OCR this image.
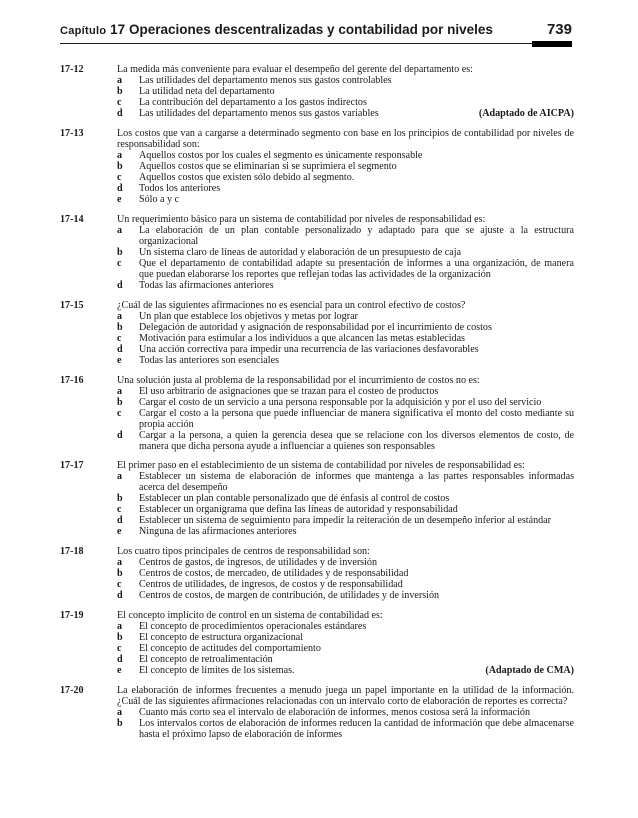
Capítulo 17 Operaciones descentralizadas y contabilidad por niveles	739
17-12	La medida más conveniente para evaluar el desempeño del gerente del departamento es:
a	Las utilidades del departamento menos sus gastos controlables
b	La utilidad neta del departamento
c	La contribución del departamento a los gastos indirectos
d	Las utilidades del departamento menos sus gastos variables	(Adaptado de AICPA)
17-13	Los costos que van a cargarse a determinado segmento con base en los principios de contabilidad por niveles de responsabilidad son:
a	Aquellos costos por los cuales el segmento es únicamente responsable
b	Aquellos costos que se eliminarían si se suprimiera el segmento
c	Aquellos costos que existen sólo debido al segmento.
d	Todos los anteriores
e	Sólo a y c
17-14	Un requerimiento básico para un sistema de contabilidad por niveles de responsabilidad es:
a	La elaboración de un plan contable personalizado y adaptado para que se ajuste a la estructura organizacional
b	Un sistema claro de líneas de autoridad y elaboración de un presupuesto de caja
c	Que el departamento de contabilidad adapte su presentación de informes a una organización, de manera que puedan elaborarse los reportes que reflejan todas las actividades de la organización
d	Todas las afirmaciones anteriores
17-15	¿Cuál de las siguientes afirmaciones no es esencial para un control efectivo de costos?
a	Un plan que establece los objetivos y metas por lograr
b	Delegación de autoridad y asignación de responsabilidad por el incurrimiento de costos
c	Motivación para estimular a los individuos a que alcancen las metas establecidas
d	Una acción correctiva para impedir una recurrencia de las variaciones desfavorables
e	Todas las anteriores son esenciales
17-16	Una solución justa al problema de la responsabilidad por el incurrimiento de costos no es:
a	El uso arbitrario de asignaciones que se trazan para el costeo de productos
b	Cargar el costo de un servicio a una persona responsable por la adquisición y por el uso del servicio
c	Cargar el costo a la persona que puede influenciar de manera significativa el monto del costo mediante su propia acción
d	Cargar a la persona, a quien la gerencia desea que se relacione con los diversos elementos de costo, de manera que dicha persona ayude a influenciar a quienes son responsables
17-17	El primer paso en el establecimiento de un sistema de contabilidad por niveles de responsabilidad es:
a	Establecer un sistema de elaboración de informes que mantenga a las partes responsables informadas acerca del desempeño
b	Establecer un plan contable personalizado que dé énfasis al control de costos
c	Establecer un organigrama que defina las líneas de autoridad y responsabilidad
d	Establecer un sistema de seguimiento para impedir la reiteración de un desempeño inferior al estándar
e	Ninguna de las afirmaciones anteriores
17-18	Los cuatro tipos principales de centros de responsabilidad son:
a	Centros de gastos, de ingresos, de utilidades y de inversión
b	Centros de costos, de mercadeo, de utilidades y de responsabilidad
c	Centros de utilidades, de ingresos, de costos y de responsabilidad
d	Centros de costos, de margen de contribución, de utilidades y de inversión
17-19	El concepto implícito de control en un sistema de contabilidad es:
a	El concepto de procedimientos operacionales estándares
b	El concepto de estructura organizacional
c	El concepto de actitudes del comportamiento
d	El concepto de retroalimentación
e	El concepto de límites de los sistemas.	(Adaptado de CMA)
17-20	La elaboración de informes frecuentes a menudo juega un papel importante en la utilidad de la información. ¿Cuál de las siguientes afirmaciones relacionadas con un intervalo corto de elaboración de reportes es correcta?
a	Cuanto más corto sea el intervalo de elaboración de informes, menos costosa será la información
b	Los intervalos cortos de elaboración de informes reducen la cantidad de información que debe almacenarse hasta el próximo lapso de elaboración de informes
